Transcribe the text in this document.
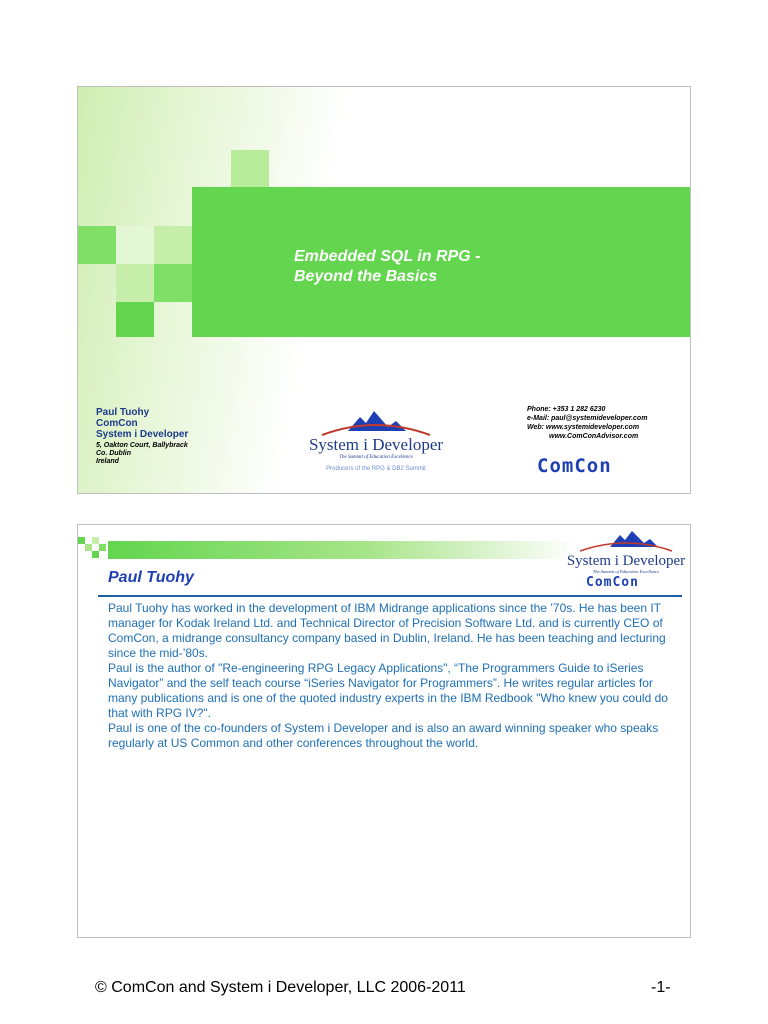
Embedded SQL in RPG -
Beyond the Basics
Paul Tuohy
ComCon
System i Developer
5, Oakton Court, Ballybrack
Co. Dublin
Ireland
System i Developer
The Summit of Education Excellence
Producers of the RPG & DB2 Summit
Phone: +353 1 282 6230
e-Mail: paul@systemideveloper.com
Web: www.systemideveloper.com
www.ComConAdvisor.com
ComCon
Paul Tuohy
System i Developer
The Summit of Education Excellence
ComCon

Paul Tuohy has worked in the development of IBM Midrange applications since the ’70s. He has been IT manager for Kodak Ireland Ltd. and Technical Director of Precision Software Ltd. and is currently CEO of ComCon, a midrange consultancy company based in Dublin, Ireland. He has been teaching and lecturing since the mid-’80s.

Paul is the author of "Re-engineering RPG Legacy Applications", “The Programmers Guide to iSeries Navigator” and the self teach course “iSeries Navigator for Programmers”. He writes regular articles for many publications and is one of the quoted industry experts in the IBM Redbook "Who knew you could do that with RPG IV?".

Paul is one of the co-founders of System i Developer and is also an award winning speaker who speaks regularly at US Common and other conferences throughout the world.

© ComCon and System i Developer, LLC 2006-2011	-1-
